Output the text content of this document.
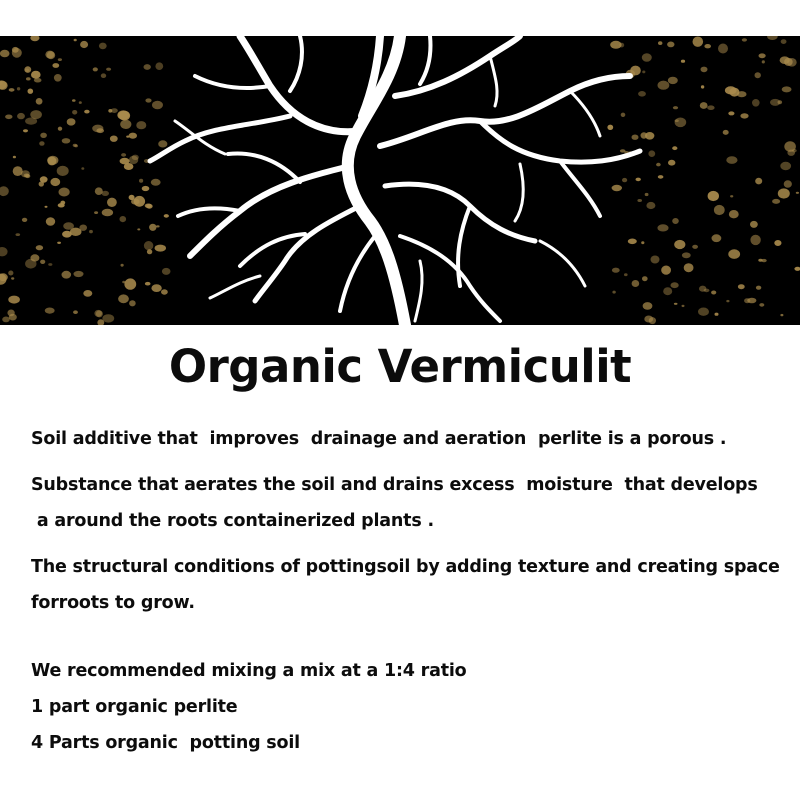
Organic Vermiculit

Soil additive that  improves  drainage and aeration  perlite is a porous .

Substance that aerates the soil and drains excess  moisture  that develops

a around the roots containerized plants .

The structural conditions of pottingsoil by adding texture and creating space

forroots to grow.

We recommended mixing a mix at a 1:4 ratio

1 part organic perlite

4 Parts organic  potting soil
